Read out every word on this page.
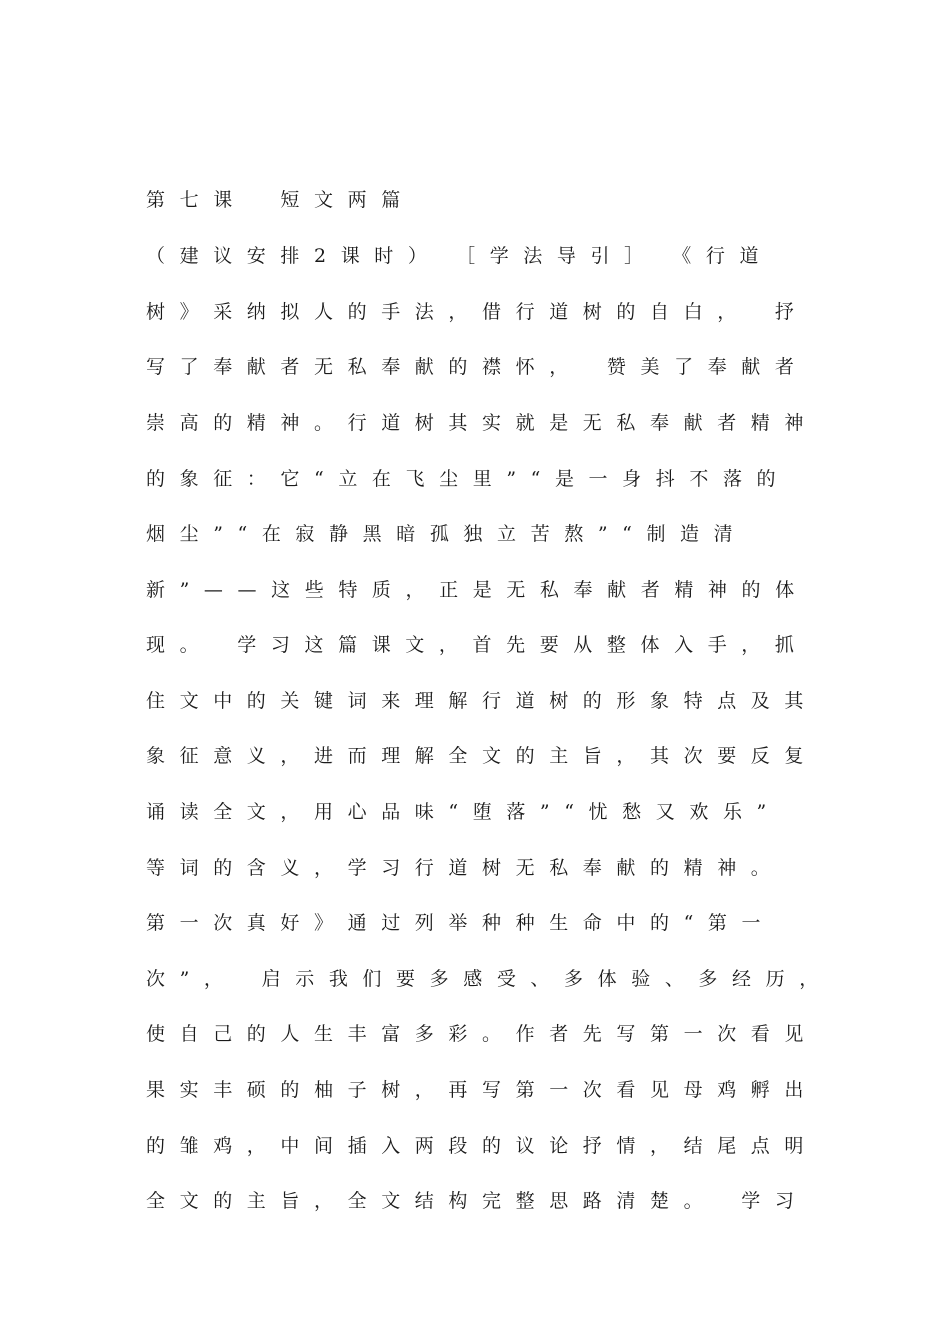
第七课　短文两篇

（建议安排2课时）　［学法导引］　《行道

树》采纳拟人的手法，借行道树的自白，　抒

写了奉献者无私奉献的襟怀，　赞美了奉献者

崇高的精神。行道树其实就是无私奉献者精神

的象征：它“立在飞尘里”“是一身抖不落的

烟尘”“在寂静黑暗孤独立苦熬”“制造清

新”——这些特质，正是无私奉献者精神的体

现。　学习这篇课文，首先要从整体入手，抓

住文中的关键词来理解行道树的形象特点及其

象征意义，进而理解全文的主旨，其次要反复

诵读全文，用心品味“堕落”“忧愁又欢乐”

等词的含义，学习行道树无私奉献的精神。

第一次真好》通过列举种种生命中的“第一

次”，　启示我们要多感受、多体验、多经历，

使自己的人生丰富多彩。作者先写第一次看见

果实丰硕的柚子树，再写第一次看见母鸡孵出

的雏鸡，中间插入两段的议论抒情，结尾点明

全文的主旨，全文结构完整思路清楚。　学习
